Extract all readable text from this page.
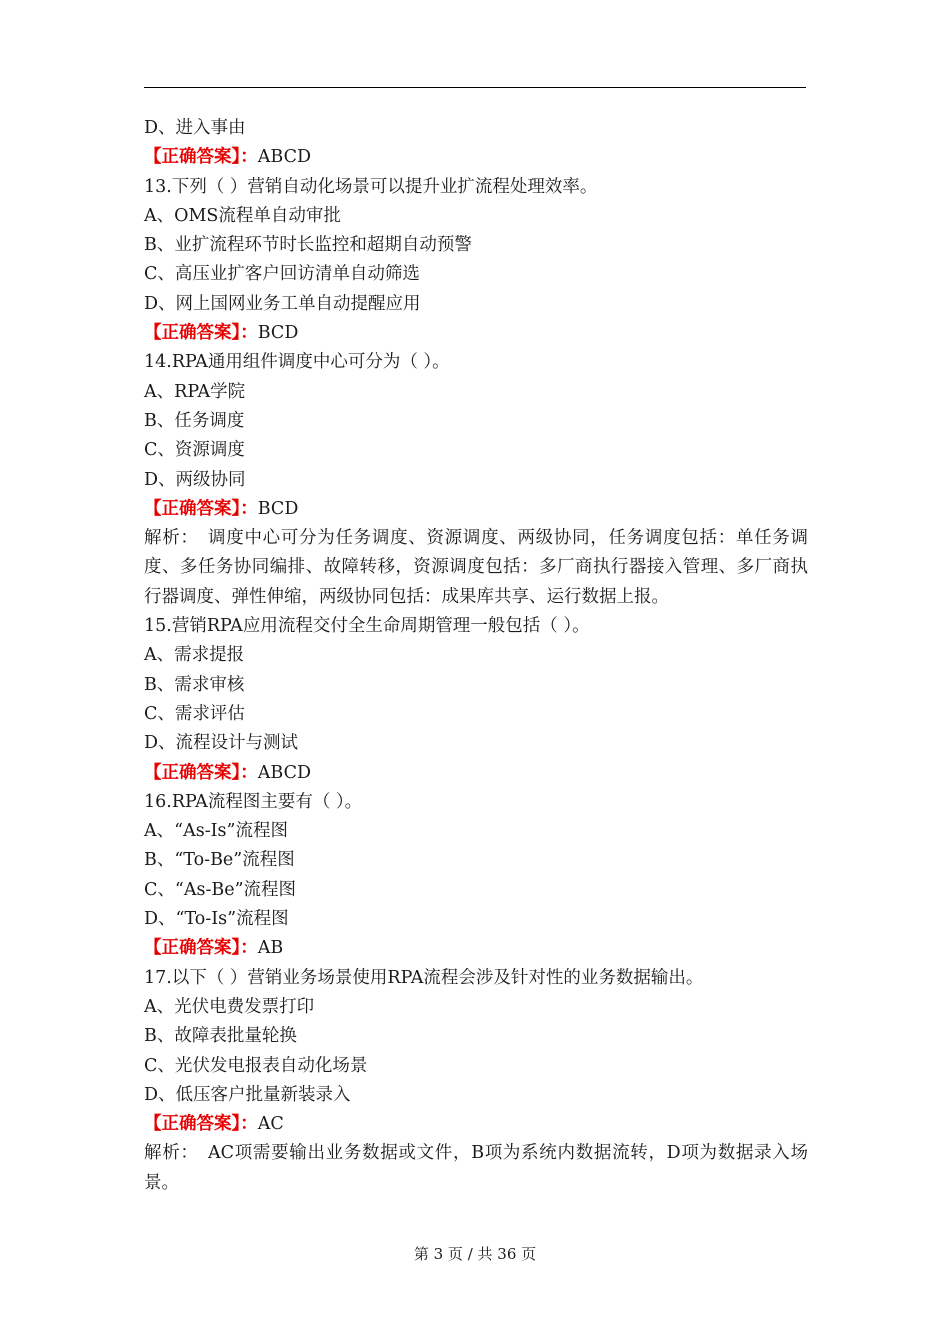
D、进入事由

【正确答案】：ABCD

13.下列（ ）营销自动化场景可以提升业扩流程处理效率。

A、OMS流程单自动审批

B、业扩流程环节时长监控和超期自动预警

C、高压业扩客户回访清单自动筛选

D、网上国网业务工单自动提醒应用

【正确答案】：BCD

14.RPA通用组件调度中心可分为（ ）。

A、RPA学院

B、任务调度

C、资源调度

D、两级协同

【正确答案】：BCD

解析：　调度中心可分为任务调度、资源调度、两级协同，任务调度包括：单任务调度、多任务协同编排、故障转移，资源调度包括：多厂商执行器接入管理、多厂商执行器调度、弹性伸缩，两级协同包括：成果库共享、运行数据上报。

15.营销RPA应用流程交付全生命周期管理一般包括（ ）。

A、需求提报

B、需求审核

C、需求评估

D、流程设计与测试

【正确答案】：ABCD

16.RPA流程图主要有（ ）。

A、“As-Is”流程图

B、“To-Be”流程图

C、“As-Be”流程图

D、“To-Is”流程图

【正确答案】：AB

17.以下（ ）营销业务场景使用RPA流程会涉及针对性的业务数据输出。

A、光伏电费发票打印

B、故障表批量轮换

C、光伏发电报表自动化场景

D、低压客户批量新装录入

【正确答案】：AC

解析：　AC项需要输出业务数据或文件，B项为系统内数据流转，D项为数据录入场景。

第 3 页 / 共 36 页
